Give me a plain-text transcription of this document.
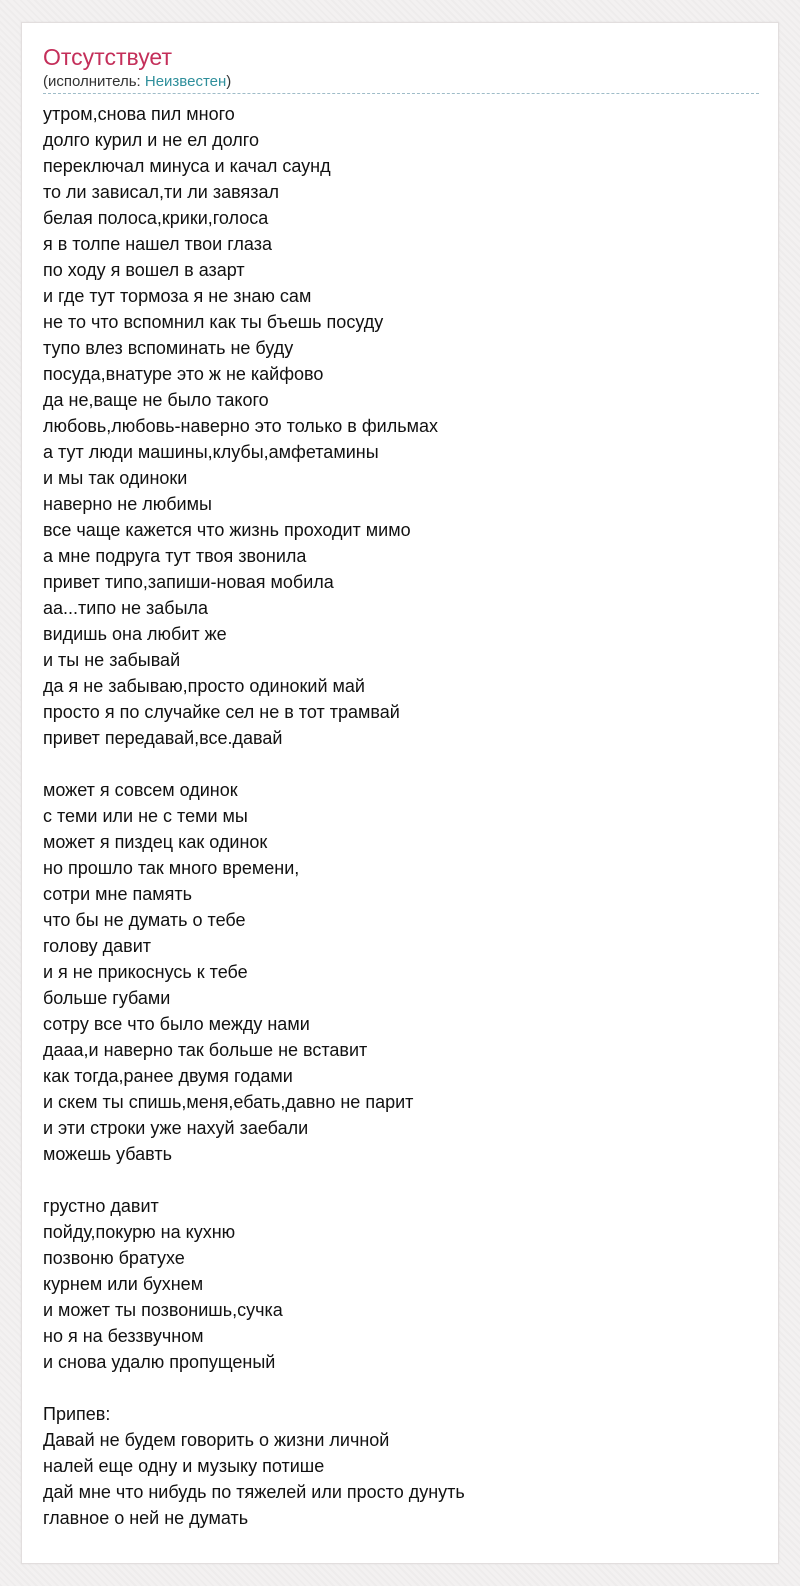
Отсутствует
(исполнитель: Неизвестен)
утром,снова пил много
долго курил и не ел долго
переключал минуса и качал саунд
то ли зависал,ти ли завязал
белая полоса,крики,голоса
я в толпе нашел твои глаза
по ходу я вошел в азарт
и где тут тормоза я не знаю сам
не то что вспомнил как ты бъешь посуду
тупо влез вспоминать не буду
посуда,внатуре это ж не кайфово
да не,ваще не было такого
любовь,любовь-наверно это только в фильмах
а тут люди машины,клубы,амфетамины
и мы так одиноки
наверно не любимы
все чаще кажется что жизнь проходит мимо
а мне подруга тут твоя звонила
привет типо,запиши-новая мобила
аа...типо не забыла
видишь она любит же
и ты не забывай
да я не забываю,просто одинокий май
просто я по случайке сел не в тот трамвай
привет передавай,все.давай
может я совсем одинок
с теми или не с теми мы
может я пиздец как одинок
но прошло так много времени,
сотри мне память
что бы не думать о тебе
голову давит
и я не прикоснусь к тебе
больше губами
сотру все что было между нами
дааа,и наверно так больше не вставит
как тогда,ранее двумя годами
и скем ты спишь,меня,ебать,давно не парит
и эти строки уже нахуй заебали
можешь убавть
грустно давит
пойду,покурю на кухню
позвоню братухе
курнем или бухнем
и может ты позвонишь,сучка
но я на беззвучном
и снова удалю пропущеный
Припев:
Давай не будем говорить о жизни личной
налей еще одну и музыку потише
дай мне что нибудь по тяжелей или просто дунуть
главное о ней не думать
